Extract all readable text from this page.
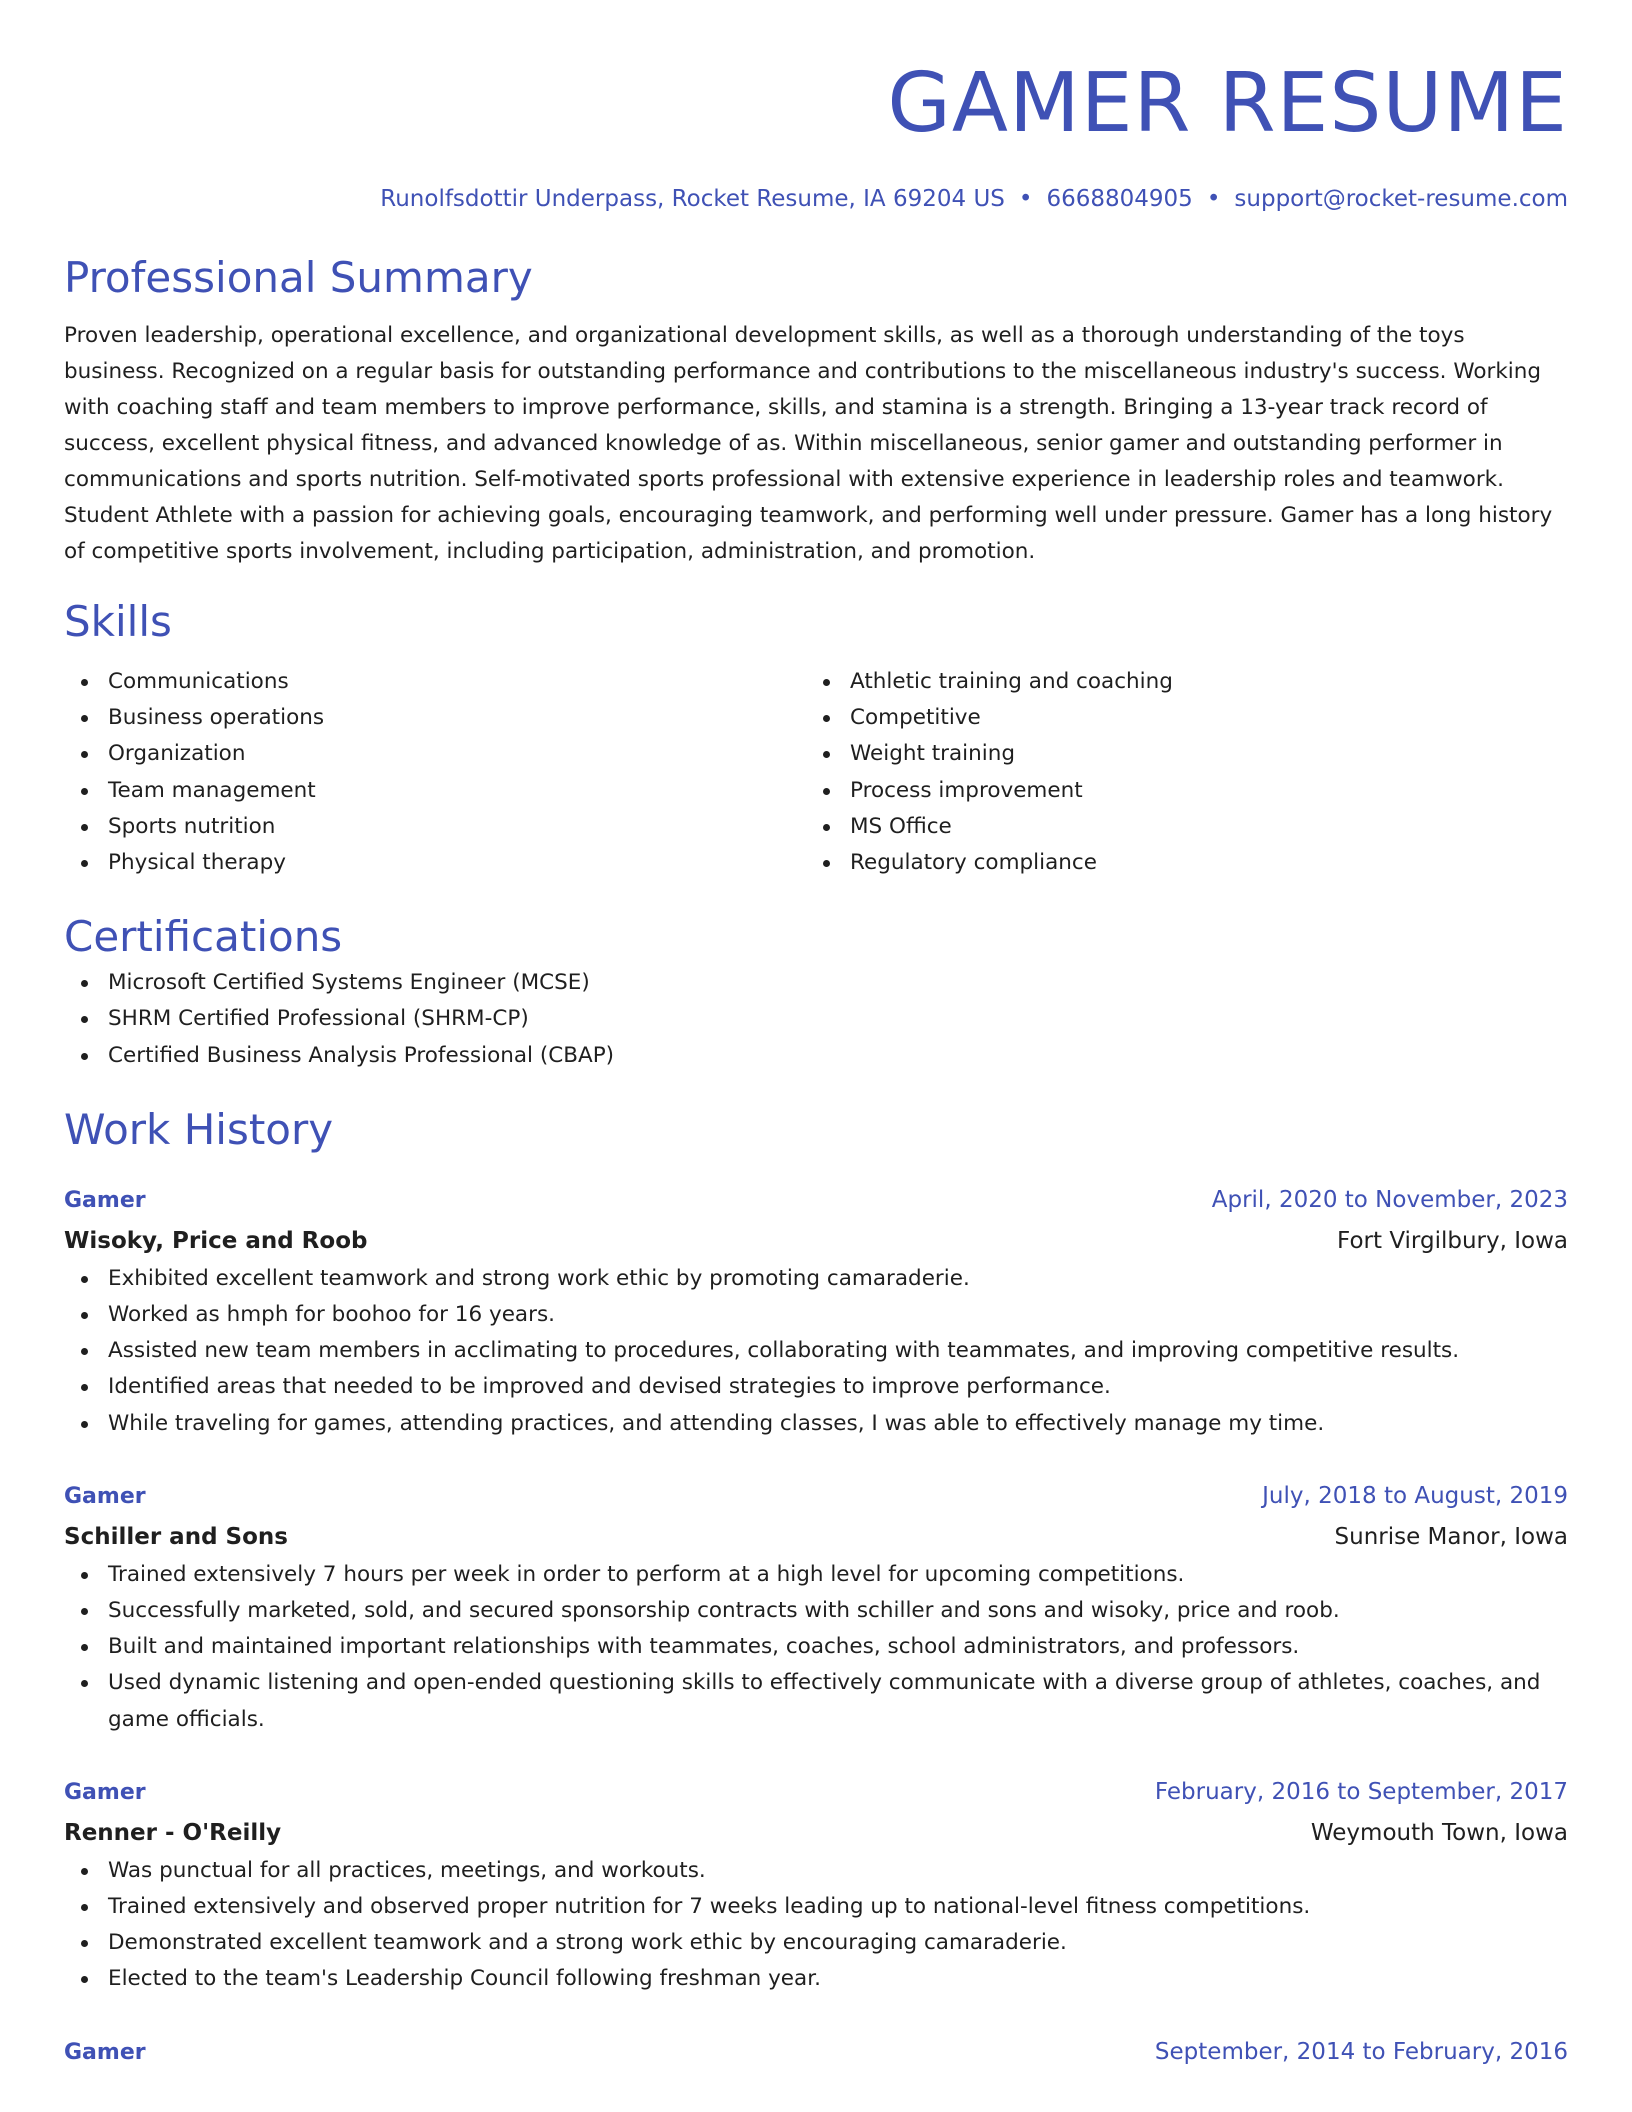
GAMER RESUME
Runolfsdottir Underpass, Rocket Resume, IA 69204 US • 6668804905 • support@rocket-resume.com
Professional Summary

Proven leadership, operational excellence, and organizational development skills, as well as a thorough understanding of the toys business. Recognized on a regular basis for outstanding performance and contributions to the miscellaneous industry's success. Working with coaching staff and team members to improve performance, skills, and stamina is a strength. Bringing a 13-year track record of success, excellent physical fitness, and advanced knowledge of as. Within miscellaneous, senior gamer and outstanding performer in communications and sports nutrition. Self-motivated sports professional with extensive experience in leadership roles and teamwork. Student Athlete with a passion for achieving goals, encouraging teamwork, and performing well under pressure. Gamer has a long history of competitive sports involvement, including participation, administration, and promotion.

Skills
Communications
Business operations
Organization
Team management
Sports nutrition
Physical therapy
Athletic training and coaching
Competitive
Weight training
Process improvement
MS Office
Regulatory compliance
Certifications
Microsoft Certified Systems Engineer (MCSE)
SHRM Certified Professional (SHRM-CP)
Certified Business Analysis Professional (CBAP)
Work History
Gamer	April, 2020 to November, 2023
Wisoky, Price and Roob	Fort Virgilbury, Iowa
Exhibited excellent teamwork and strong work ethic by promoting camaraderie.
Worked as hmph for boohoo for 16 years.
Assisted new team members in acclimating to procedures, collaborating with teammates, and improving competitive results.
Identified areas that needed to be improved and devised strategies to improve performance.
While traveling for games, attending practices, and attending classes, I was able to effectively manage my time.
Gamer	July, 2018 to August, 2019
Schiller and Sons	Sunrise Manor, Iowa
Trained extensively 7 hours per week in order to perform at a high level for upcoming competitions.
Successfully marketed, sold, and secured sponsorship contracts with schiller and sons and wisoky, price and roob.
Built and maintained important relationships with teammates, coaches, school administrators, and professors.
Used dynamic listening and open-ended questioning skills to effectively communicate with a diverse group of athletes, coaches, and game officials.
Gamer	February, 2016 to September, 2017
Renner - O'Reilly	Weymouth Town, Iowa
Was punctual for all practices, meetings, and workouts.
Trained extensively and observed proper nutrition for 7 weeks leading up to national-level fitness competitions.
Demonstrated excellent teamwork and a strong work ethic by encouraging camaraderie.
Elected to the team's Leadership Council following freshman year.
Gamer	September, 2014 to February, 2016
